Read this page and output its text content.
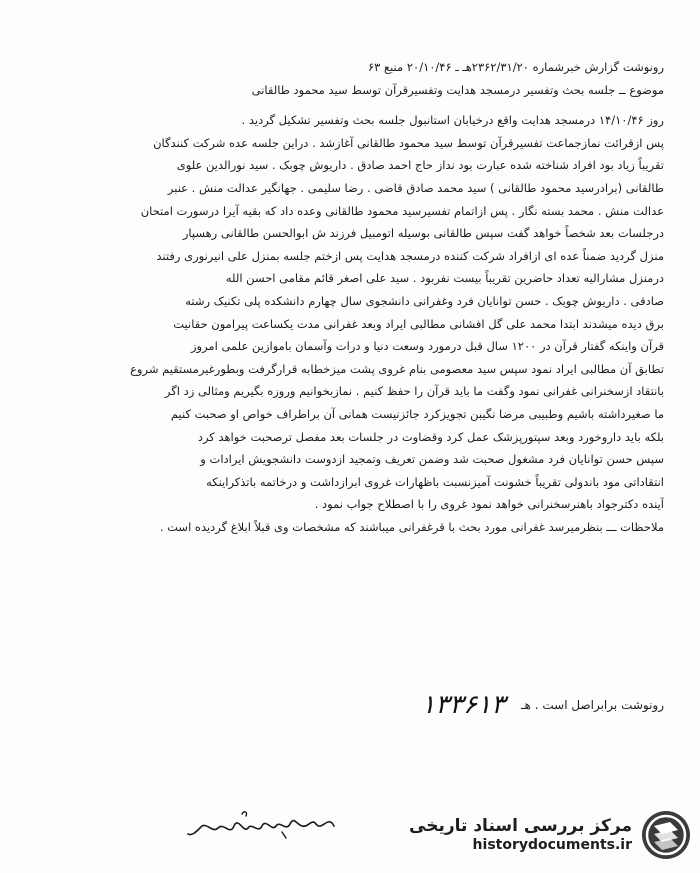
رونوشت گزارش خبرشماره ۲۳۶۲/۳۱/۲۰هـ‍ ‍ـ ۲۰/۱۰/۴۶ منبع ۶۳
موضوع ــ جلسه بحث وتفسیر درمسجد هدایت وتفسیرقرآن توسط سید محمود طالقانی
روز ۱۴/۱۰/۴۶ درمسجد هدایت واقع درخیابان استانبول جلسه بحث وتفسیر تشکیل گردید .
پس ازقرائت نمازجماعت تفسیرقرآن توسط سید محمود طالقانی آغازشد . دراین جلسه عده شرکت کنندگان
تقریباً زیاد بود افراد شناخته شده عبارت بود نداز حاج احمد صادق . داریوش چوبک . سید نورالدین علوی
طالقانی (برادرسید محمود طالقانی ) سید محمد صادق قاضی . رضا سلیمی . جهانگیر عدالت منش . عنبر
عدالت منش . محمد بسته نگار . پس ازاتمام تفسیرسید محمود طالقانی وعده داد که بقیه آیرا درسورت امتحان
درجلسات بعد شخصاً خواهد گفت سپس طالقانی بوسیله اتومبیل فرزند ش ابوالحسن طالقانی رهسپار
منزل گردید ضمناً عده ای ازافراد شرکت کننده درمسجد هدایت پس ازختم جلسه بمنزل علی انیرنوری رفتند
درمنزل مشارالیه تعداد حاضرین تقریباً بیست نفربود . سید علی اصغر قائم مقامی احسن الله
صادقی . داریوش چوبک . حسن توانایان فرد وغفرانی دانشجوی سال چهارم دانشکده پلی تکنیک رشته
برق دیده میشدند ابتدا محمد علی گل افشانی مطالبی ایراد وبعد غفرانی مدت یکساعت پیرامون حقانیت
قرآن واینکه گفتار قرآن در ۱۲۰۰ سال قبل درمورد وسعت دنیا و درات وآسمان باموازین علمی امروز
تطابق آن مطالبی ایراد نمود سپس سید معصومی بنام غروی پشت میزخطابه قرارگرفت وبطورغیرمستقیم شروع
بانتقاد ازسخنرانی غفرانی نمود وگفت ما باید قرآن را حفظ کنیم . نمازبخوانیم وروزه بگیریم ومثالی زد اگر
ما صغیرداشته باشیم وطبیبی مرضا نگیبن تجویزکرد جائزنیست همانی آن براطراف خواص او صحبت کنیم
بلکه باید داروخورد وبعد سپتورپزشک عمل کرد وقضاوت در جلسات بعد مفصل ترصحبت خواهد کرد
سپس حسن توانایان فرد مشغول صحبت شد وضمن تعریف وتمجید ازدوست دانشجویش ایرادات و
انتقاداتی مود باندولی تقریباً خشونت آمیزنسبت باظهارات غروی ابرازداشت و درخاتمه باتذکراینکه
آینده دکترجواد باهنرسخنرانی خواهد نمود غروی را با اصطلاح جواب نمود .
ملاحظات ـــ بنظرمیرسد غفرانی مورد بحث با قرغفرانی میباشند که مشخصات وی قبلاً ابلاغ گردیده است .
رونوشت برابراصل است . هـ
۱۳۳۶۱۳
مرکز بررسی اسناد تاریخی
historydocuments.ir
